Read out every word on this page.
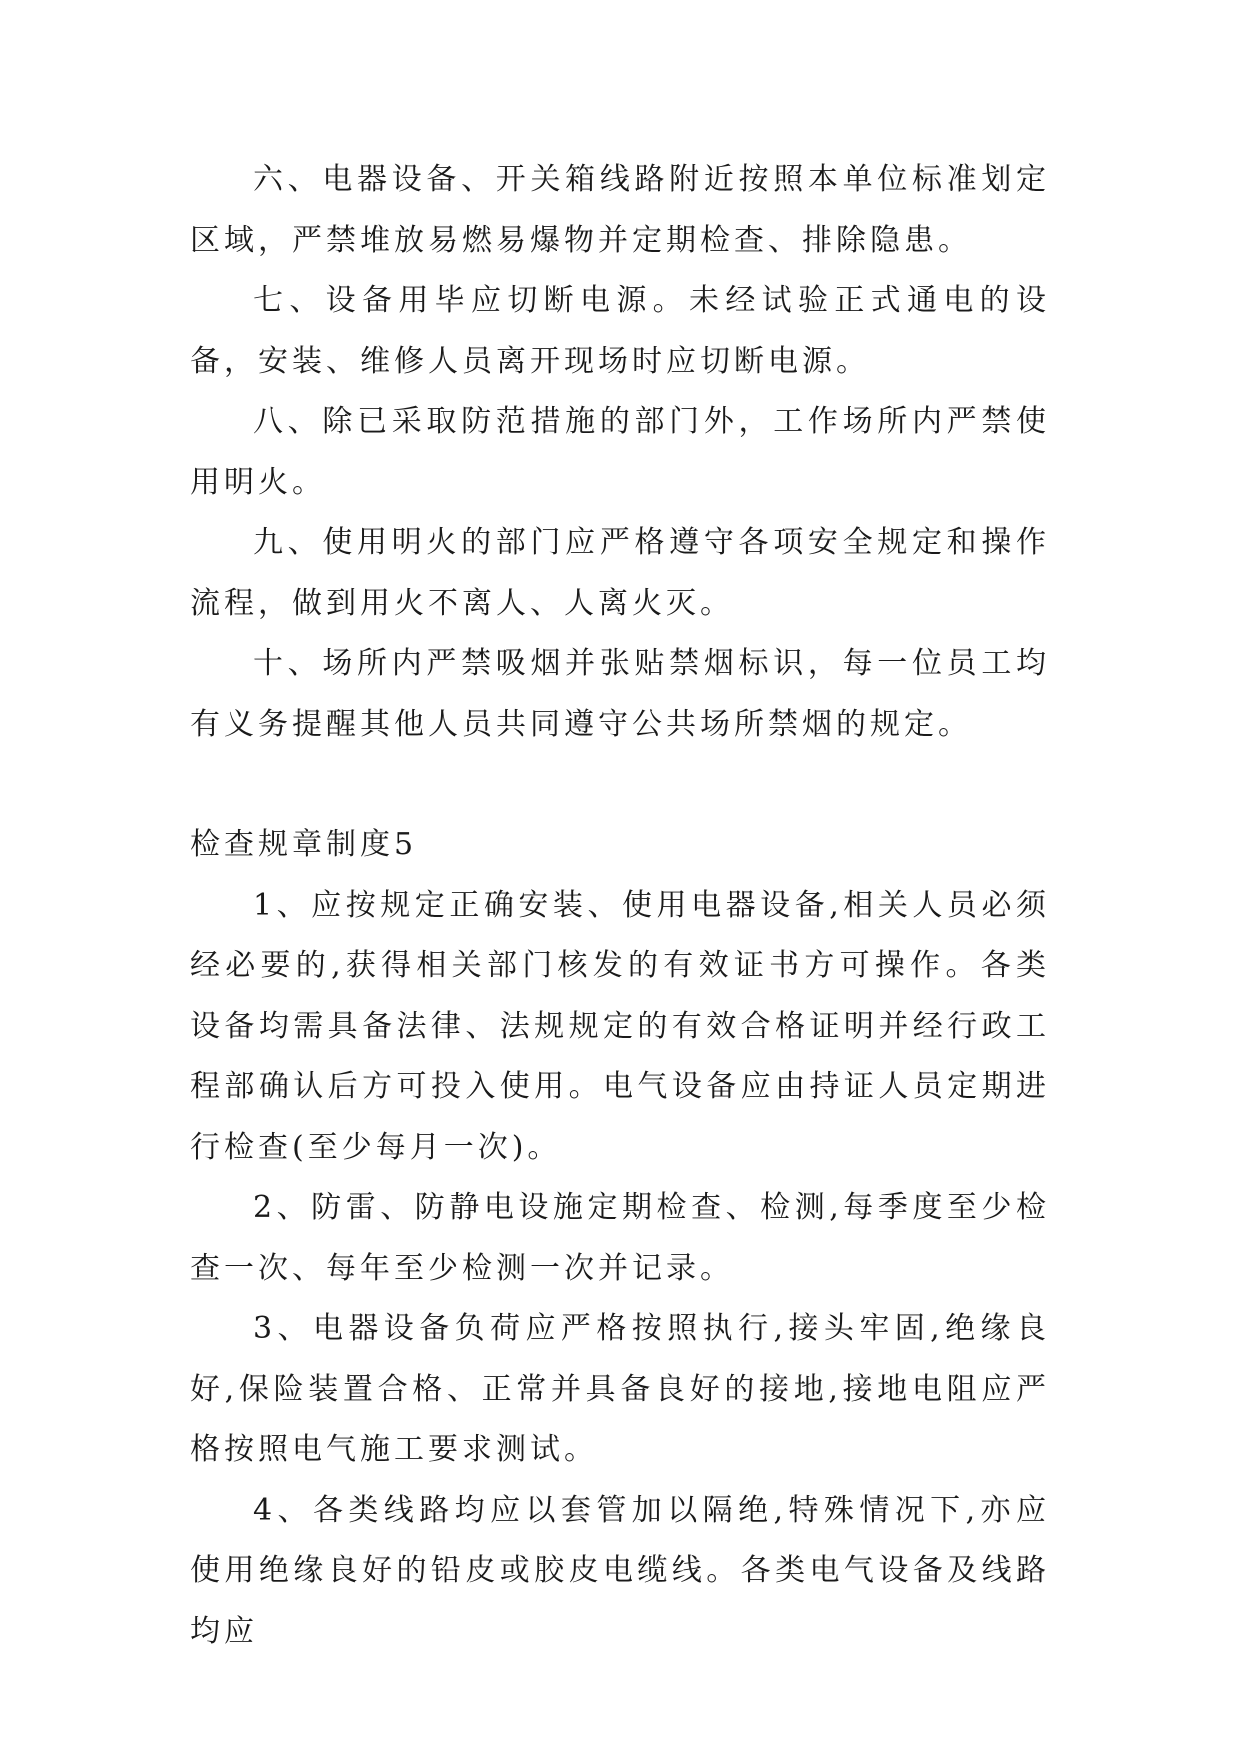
六、电器设备、开关箱线路附近按照本单位标准划定区域，严禁堆放易燃易爆物并定期检查、排除隐患。

七、设备用毕应切断电源。未经试验正式通电的设备，安装、维修人员离开现场时应切断电源。

八、除已采取防范措施的部门外，工作场所内严禁使用明火。

九、使用明火的部门应严格遵守各项安全规定和操作流程，做到用火不离人、人离火灭。

十、场所内严禁吸烟并张贴禁烟标识，每一位员工均有义务提醒其他人员共同遵守公共场所禁烟的规定。

检查规章制度5

1、应按规定正确安装、使用电器设备,相关人员必须经必要的,获得相关部门核发的有效证书方可操作。各类设备均需具备法律、法规规定的有效合格证明并经行政工程部确认后方可投入使用。电气设备应由持证人员定期进行检查(至少每月一次)。

2、防雷、防静电设施定期检查、检测,每季度至少检查一次、每年至少检测一次并记录。

3、电器设备负荷应严格按照执行,接头牢固,绝缘良好,保险装置合格、正常并具备良好的接地,接地电阻应严格按照电气施工要求测试。

4、各类线路均应以套管加以隔绝,特殊情况下,亦应使用绝缘良好的铅皮或胶皮电缆线。各类电气设备及线路均应
